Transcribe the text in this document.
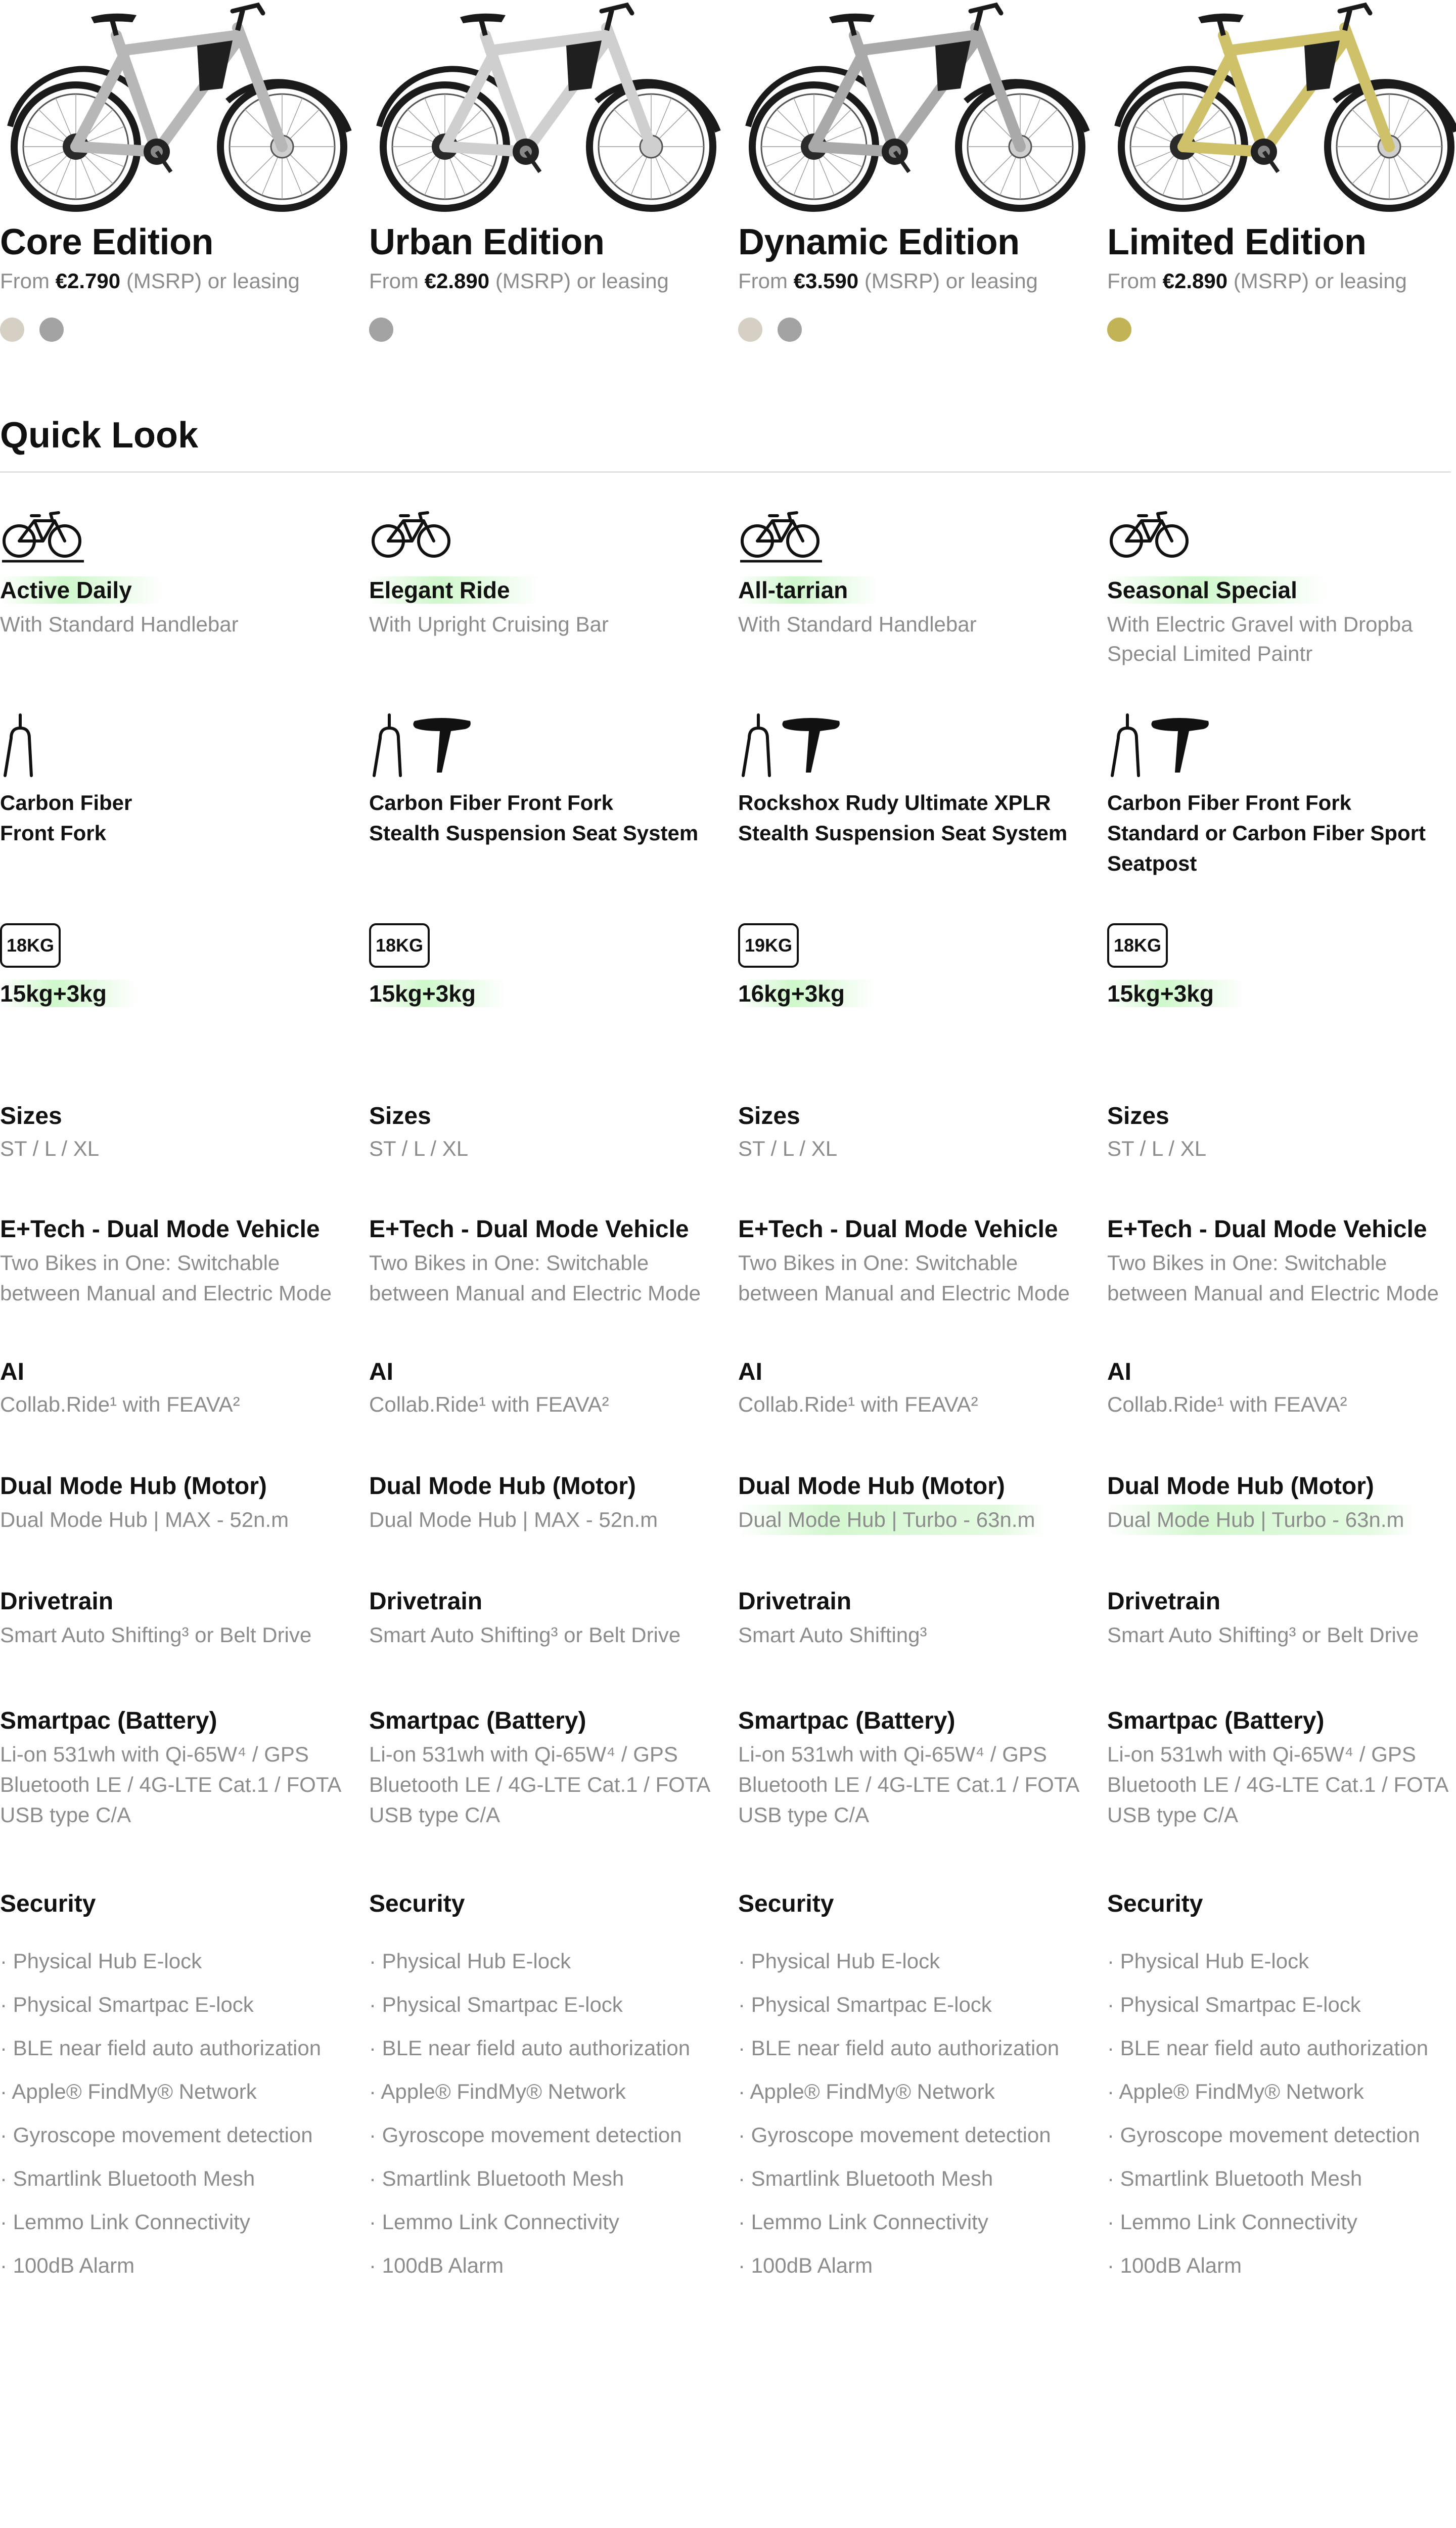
Core Edition
From €2.790 (MSRP) or leasing
Active Daily
With Standard Handlebar
Carbon Fiber
Front Fork
18KG
15kg+3kg
Sizes
ST / L / XL
E+Tech - Dual Mode Vehicle
Two Bikes in One: Switchable
between Manual and Electric Mode
AI
Collab.Ride¹ with FEAVA²
Dual Mode Hub (Motor)
Dual Mode Hub | MAX - 52n.m
Drivetrain
Smart Auto Shifting³ or Belt Drive
Smartpac (Battery)
Li-on 531wh with Qi-65W⁴ / GPS
Bluetooth LE / 4G-LTE Cat.1 / FOTA
USB type C/A
Security
· Physical Hub E-lock
· Physical Smartpac E-lock
· BLE near field auto authorization
· Apple® FindMy® Network
· Gyroscope movement detection
· Smartlink Bluetooth Mesh
· Lemmo Link Connectivity
· 100dB Alarm
Urban Edition
From €2.890 (MSRP) or leasing
Elegant Ride
With Upright Cruising Bar
Carbon Fiber Front Fork
Stealth Suspension Seat System
18KG
15kg+3kg
Sizes
ST / L / XL
E+Tech - Dual Mode Vehicle
Two Bikes in One: Switchable
between Manual and Electric Mode
AI
Collab.Ride¹ with FEAVA²
Dual Mode Hub (Motor)
Dual Mode Hub | MAX - 52n.m
Drivetrain
Smart Auto Shifting³ or Belt Drive
Smartpac (Battery)
Li-on 531wh with Qi-65W⁴ / GPS
Bluetooth LE / 4G-LTE Cat.1 / FOTA
USB type C/A
Security
· Physical Hub E-lock
· Physical Smartpac E-lock
· BLE near field auto authorization
· Apple® FindMy® Network
· Gyroscope movement detection
· Smartlink Bluetooth Mesh
· Lemmo Link Connectivity
· 100dB Alarm
Dynamic Edition
From €3.590 (MSRP) or leasing
All-tarrian
With Standard Handlebar
Rockshox Rudy Ultimate XPLR
Stealth Suspension Seat System
19KG
16kg+3kg
Sizes
ST / L / XL
E+Tech - Dual Mode Vehicle
Two Bikes in One: Switchable
between Manual and Electric Mode
AI
Collab.Ride¹ with FEAVA²
Dual Mode Hub (Motor)
Dual Mode Hub | Turbo - 63n.m
Drivetrain
Smart Auto Shifting³
Smartpac (Battery)
Li-on 531wh with Qi-65W⁴ / GPS
Bluetooth LE / 4G-LTE Cat.1 / FOTA
USB type C/A
Security
· Physical Hub E-lock
· Physical Smartpac E-lock
· BLE near field auto authorization
· Apple® FindMy® Network
· Gyroscope movement detection
· Smartlink Bluetooth Mesh
· Lemmo Link Connectivity
· 100dB Alarm
Limited Edition
From €2.890 (MSRP) or leasing
Seasonal Special
With Electric Gravel with Dropba Special Limited Paintr
Carbon Fiber Front Fork
Standard or Carbon Fiber Sport Seatpost
18KG
15kg+3kg
Sizes
ST / L / XL
E+Tech - Dual Mode Vehicle
Two Bikes in One: Switchable
between Manual and Electric Mode
AI
Collab.Ride¹ with FEAVA²
Dual Mode Hub (Motor)
Dual Mode Hub | Turbo - 63n.m
Drivetrain
Smart Auto Shifting³ or Belt Drive
Smartpac (Battery)
Li-on 531wh with Qi-65W⁴ / GPS
Bluetooth LE / 4G-LTE Cat.1 / FOTA
USB type C/A
Security
· Physical Hub E-lock
· Physical Smartpac E-lock
· BLE near field auto authorization
· Apple® FindMy® Network
· Gyroscope movement detection
· Smartlink Bluetooth Mesh
· Lemmo Link Connectivity
· 100dB Alarm
Quick Look
